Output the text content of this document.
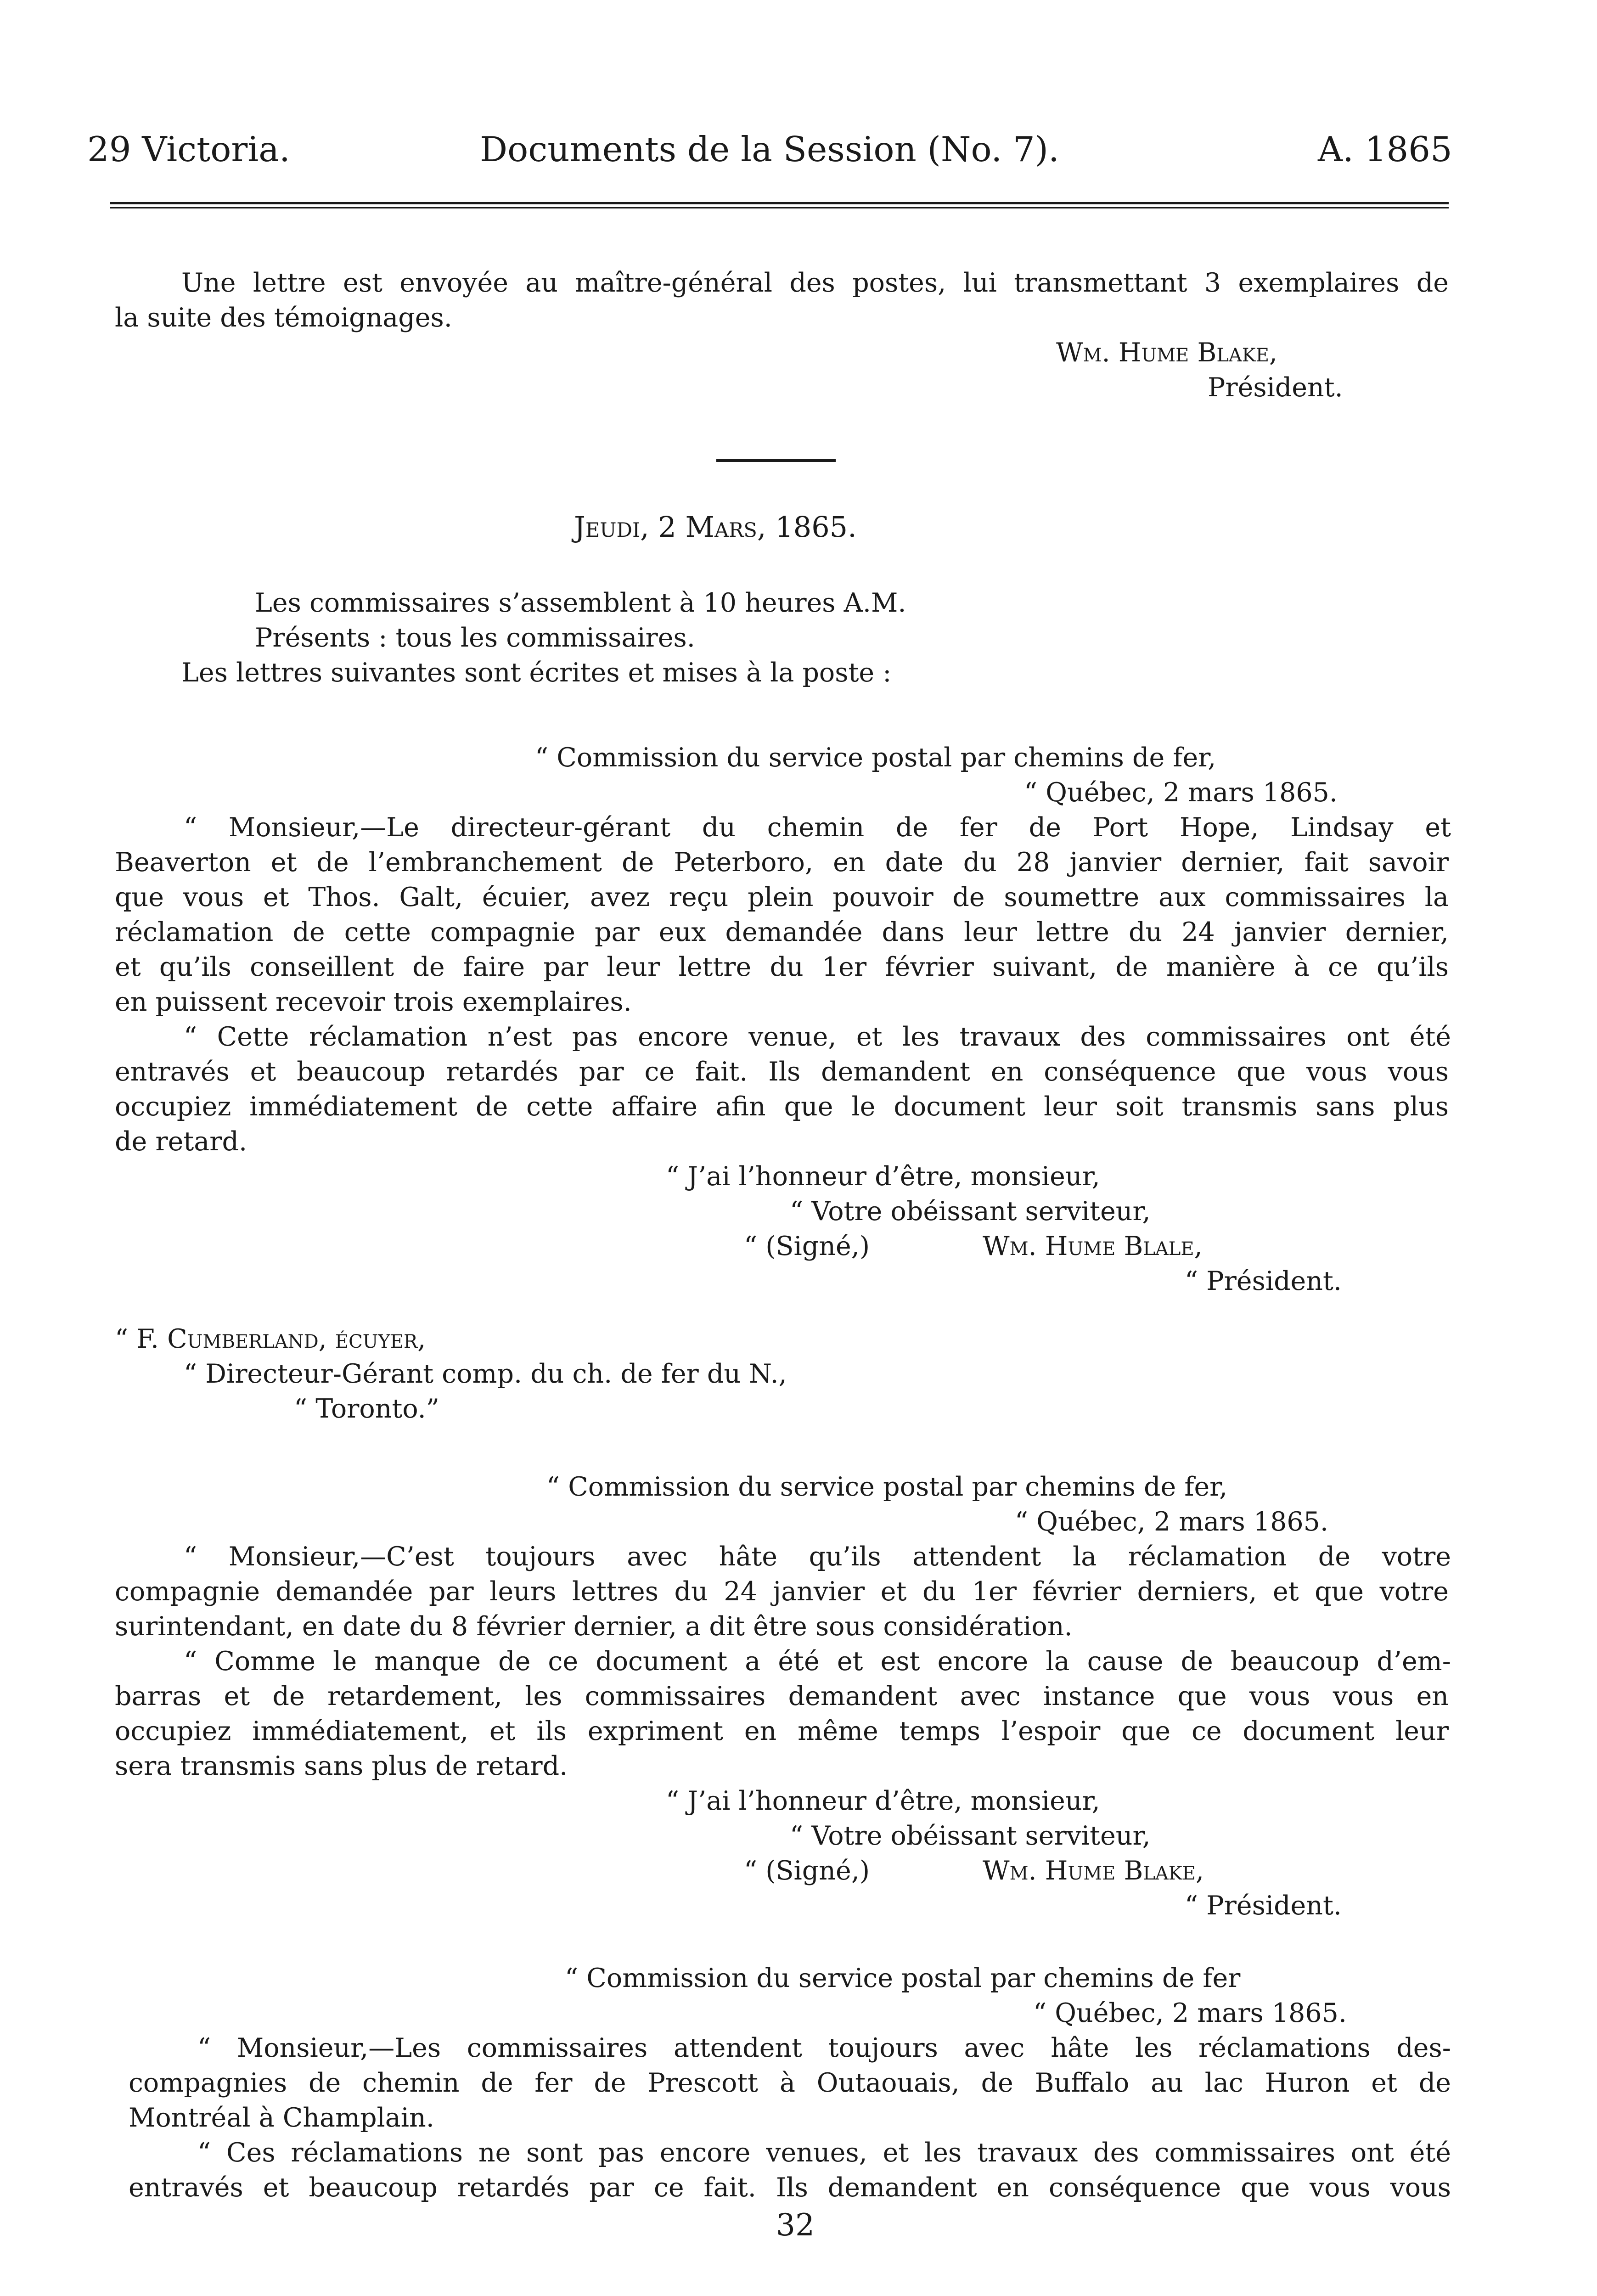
29 Victoria.	Documents de la Session (No. 7).	A. 1865
Une lettre est envoyée au maître-général des postes, lui transmettant 3 exemplaires de
la suite des témoignages.
Wm. Hume Blake,
Président.
Jeudi, 2 Mars, 1865.
Les commissaires s’assemblent à 10 heures A.M.
Présents : tous les commissaires.
Les lettres suivantes sont écrites et mises à la poste :
“ Commission du service postal par chemins de fer,
“ Québec, 2 mars 1865.
“ Monsieur,—Le directeur-gérant du chemin de fer de Port Hope, Lindsay et
Beaverton et de l’embranchement de Peterboro, en date du 28 janvier dernier, fait savoir
que vous et Thos. Galt, écuier, avez reçu plein pouvoir de soumettre aux commissaires la
réclamation de cette compagnie par eux demandée dans leur lettre du 24 janvier dernier,
et qu’ils conseillent de faire par leur lettre du 1er février suivant, de manière à ce qu’ils
en puissent recevoir trois exemplaires.
“ Cette réclamation n’est pas encore venue, et les travaux des commissaires ont été
entravés et beaucoup retardés par ce fait. Ils demandent en conséquence que vous vous
occupiez immédiatement de cette affaire afin que le document leur soit transmis sans plus
de retard.
“ J’ai l’honneur d’être, monsieur,
“ Votre obéissant serviteur,
“ (Signé,)	Wm. Hume Blale,
“ Président.
“ F. Cumberland, écuyer,
“ Directeur-Gérant comp. du ch. de fer du N.,
“ Toronto.”
“ Commission du service postal par chemins de fer,
“ Québec, 2 mars 1865.
“ Monsieur,—C’est toujours avec hâte qu’ils attendent la réclamation de votre
compagnie demandée par leurs lettres du 24 janvier et du 1er février derniers, et que votre
surintendant, en date du 8 février dernier, a dit être sous considération.
“ Comme le manque de ce document a été et est encore la cause de beaucoup d’em-
barras et de retardement, les commissaires demandent avec instance que vous vous en
occupiez immédiatement, et ils expriment en même temps l’espoir que ce document leur
sera transmis sans plus de retard.
“ J’ai l’honneur d’être, monsieur,
“ Votre obéissant serviteur,
“ (Signé,)	Wm. Hume Blake,
“ Président.
“ Commission du service postal par chemins de fer
“ Québec, 2 mars 1865.
“ Monsieur,—Les commissaires attendent toujours avec hâte les réclamations des-
compagnies de chemin de fer de Prescott à Outaouais, de Buffalo au lac Huron et de
Montréal à Champlain.
“ Ces réclamations ne sont pas encore venues, et les travaux des commissaires ont été
entravés et beaucoup retardés par ce fait. Ils demandent en conséquence que vous vous
32
